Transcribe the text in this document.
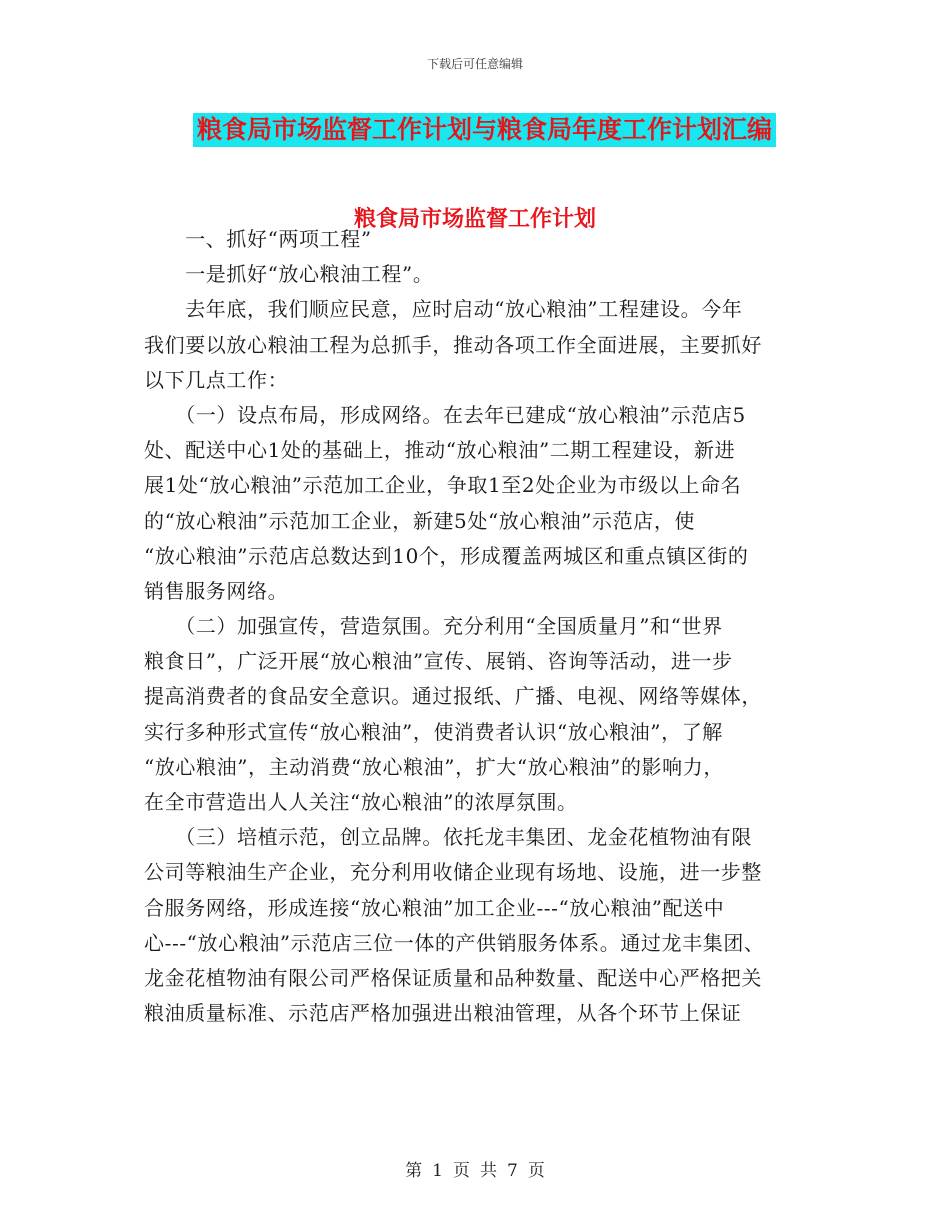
下载后可任意编辑
粮食局市场监督工作计划与粮食局年度工作计划汇编
粮食局市场监督工作计划
　　一、抓好“两项工程”
　　一是抓好“放心粮油工程”。
　　去年底，我们顺应民意，应时启动“放心粮油”工程建设。今年
我们要以放心粮油工程为总抓手，推动各项工作全面进展，主要抓好
以下几点工作：
　　（一）设点布局，形成网络。在去年已建成“放心粮油”示范店5
处、配送中心1处的基础上，推动“放心粮油”二期工程建设，新进
展1处“放心粮油”示范加工企业，争取1至2处企业为市级以上命名
的“放心粮油”示范加工企业，新建5处“放心粮油”示范店，使
“放心粮油”示范店总数达到10个，形成覆盖两城区和重点镇区街的
销售服务网络。
　　（二）加强宣传，营造氛围。充分利用“全国质量月”和“世界
粮食日”，广泛开展“放心粮油”宣传、展销、咨询等活动，进一步
提高消费者的食品安全意识。通过报纸、广播、电视、网络等媒体，
实行多种形式宣传“放心粮油”，使消费者认识“放心粮油”，了解
“放心粮油”，主动消费“放心粮油”，扩大“放心粮油”的影响力，
在全市营造出人人关注“放心粮油”的浓厚氛围。
　　（三）培植示范，创立品牌。依托龙丰集团、龙金花植物油有限
公司等粮油生产企业，充分利用收储企业现有场地、设施，进一步整
合服务网络，形成连接“放心粮油”加工企业---“放心粮油”配送中
心---“放心粮油”示范店三位一体的产供销服务体系。通过龙丰集团、
龙金花植物油有限公司严格保证质量和品种数量、配送中心严格把关
粮油质量标准、示范店严格加强进出粮油管理，从各个环节上保证
第 1 页 共 7 页
